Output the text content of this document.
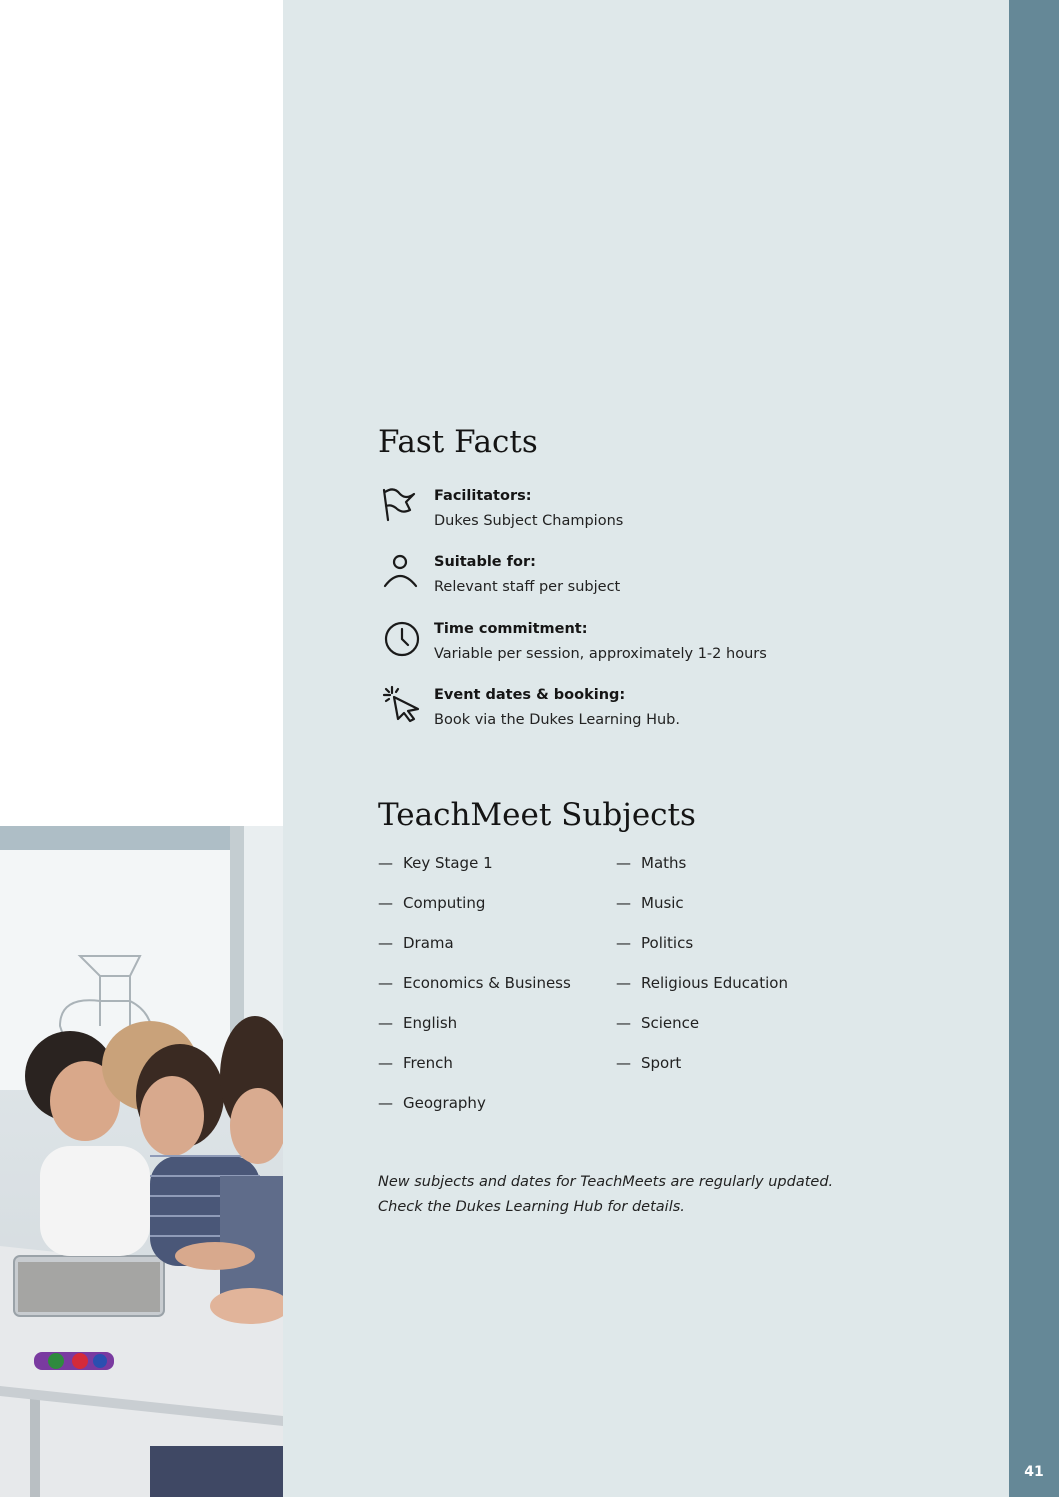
41
Fast Facts
Facilitators:
Dukes Subject Champions
Suitable for:
Relevant staff per subject
Time commitment:
Variable per session, approximately 1-2 hours
Event dates & booking:
Book via the Dukes Learning Hub.
TeachMeet Subjects
— Key Stage 1
— Computing
— Drama
— Economics & Business
— English
— French
— Geography
— Maths
— Music
— Politics
— Religious Education
— Science
— Sport
New subjects and dates for TeachMeets are regularly updated.
Check the Dukes Learning Hub for details.
